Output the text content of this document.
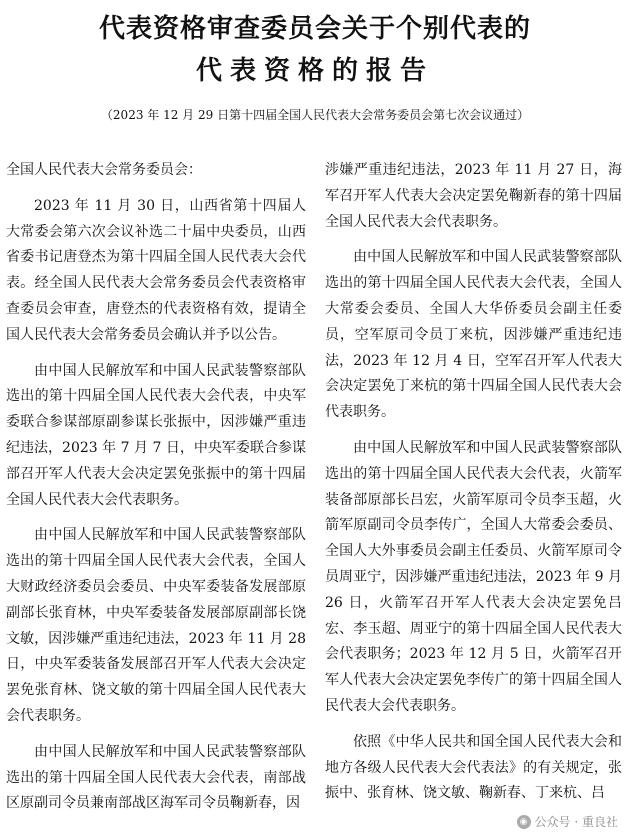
代表资格审查委员会关于个别代表的
代表资格的报告

（2023 年 12 月 29 日第十四届全国人民代表大会常务委员会第七次会议通过）

全国人民代表大会常务委员会：

2023 年 11 月 30 日，山西省第十四届人大常委会第六次会议补选二十届中央委员，山西省委书记唐登杰为第十四届全国人民代表大会代表。经全国人民代表大会常务委员会代表资格审查委员会审查，唐登杰的代表资格有效，提请全国人民代表大会常务委员会确认并予以公告。

由中国人民解放军和中国人民武装警察部队选出的第十四届全国人民代表大会代表，中央军委联合参谋部原副参谋长张振中，因涉嫌严重违纪违法，2023 年 7 月 7 日，中央军委联合参谋部召开军人代表大会决定罢免张振中的第十四届全国人民代表大会代表职务。

由中国人民解放军和中国人民武装警察部队选出的第十四届全国人民代表大会代表，全国人大财政经济委员会委员、中央军委装备发展部原副部长张育林，中央军委装备发展部原副部长饶文敏，因涉嫌严重违纪违法，2023 年 11 月 28 日，中央军委装备发展部召开军人代表大会决定罢免张育林、饶文敏的第十四届全国人民代表大会代表职务。

由中国人民解放军和中国人民武装警察部队选出的第十四届全国人民代表大会代表，南部战区原副司令员兼南部战区海军司令员鞠新春，因

涉嫌严重违纪违法，2023 年 11 月 27 日，海军召开军人代表大会决定罢免鞠新春的第十四届全国人民代表大会代表职务。

由中国人民解放军和中国人民武装警察部队选出的第十四届全国人民代表大会代表，全国人大常委会委员、全国人大华侨委员会副主任委员，空军原司令员丁来杭，因涉嫌严重违纪违法，2023 年 12 月 4 日，空军召开军人代表大会决定罢免丁来杭的第十四届全国人民代表大会代表职务。

由中国人民解放军和中国人民武装警察部队选出的第十四届全国人民代表大会代表，火箭军装备部原部长吕宏，火箭军原司令员李玉超，火箭军原副司令员李传广，全国人大常委会委员、全国人大外事委员会副主任委员、火箭军原司令员周亚宁，因涉嫌严重违纪违法，2023 年 9 月 26 日，火箭军召开军人代表大会决定罢免吕宏、李玉超、周亚宁的第十四届全国人民代表大会代表职务；2023 年 12 月 5 日，火箭军召开军人代表大会决定罢免李传广的第十四届全国人民代表大会代表职务。

依照《中华人民共和国全国人民代表大会和地方各级人民代表大会代表法》的有关规定，张振中、张育林、饶文敏、鞠新春、丁来杭、吕

◉ 公众号 · 重良社
